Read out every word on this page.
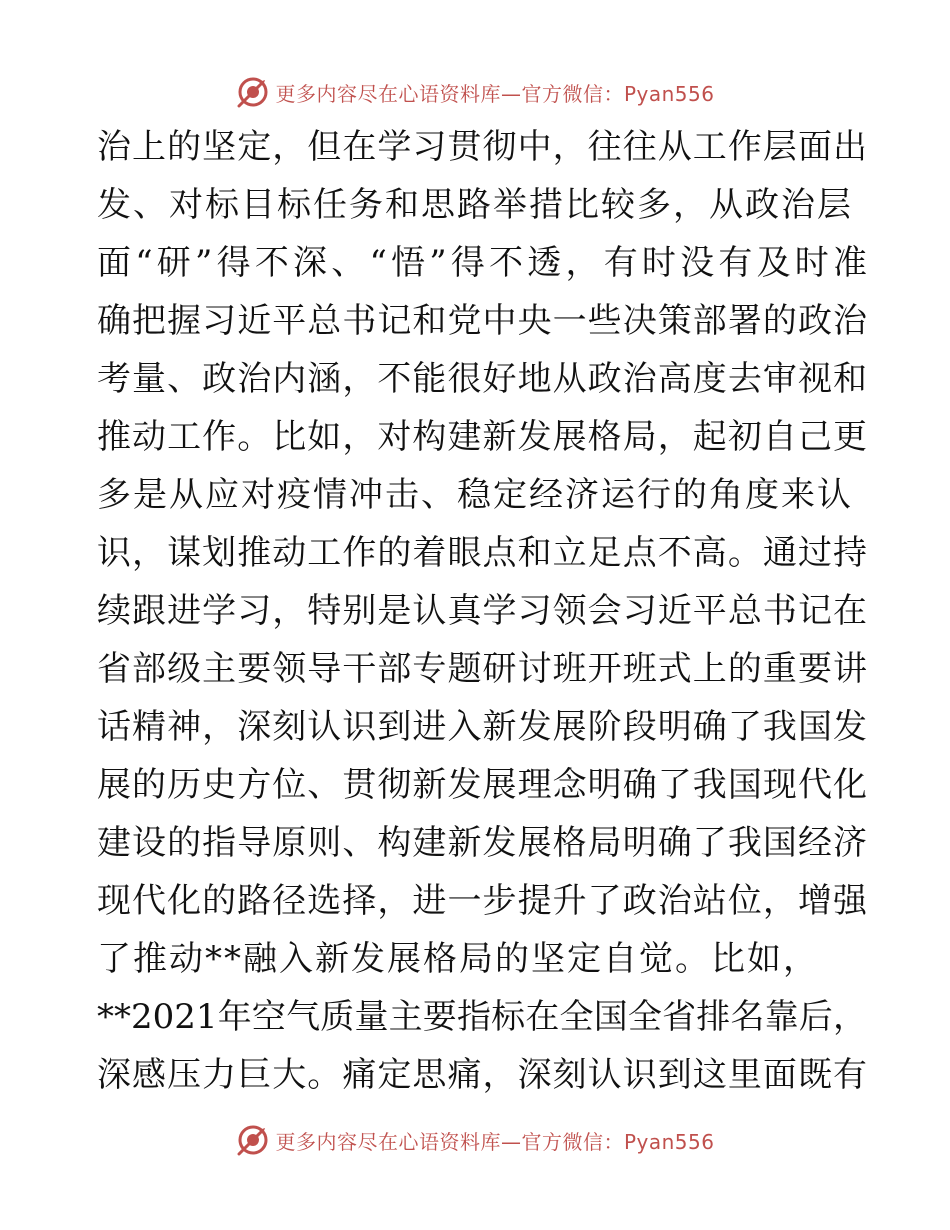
更多内容尽在心语资料库—官方微信：Pyan556
治上的坚定，但在学习贯彻中，往往从工作层面出
发、对标目标任务和思路举措比较多，从政治层
面“研”得不深、“悟”得不透，有时没有及时准
确把握习近平总书记和党中央一些决策部署的政治
考量、政治内涵，不能很好地从政治高度去审视和
推动工作。比如，对构建新发展格局，起初自己更
多是从应对疫情冲击、稳定经济运行的角度来认
识，谋划推动工作的着眼点和立足点不高。通过持
续跟进学习，特别是认真学习领会习近平总书记在
省部级主要领导干部专题研讨班开班式上的重要讲
话精神，深刻认识到进入新发展阶段明确了我国发
展的历史方位、贯彻新发展理念明确了我国现代化
建设的指导原则、构建新发展格局明确了我国经济
现代化的路径选择，进一步提升了政治站位，增强
了推动**融入新发展格局的坚定自觉。比如，
**2021年空气质量主要指标在全国全省排名靠后，
深感压力巨大。痛定思痛，深刻认识到这里面既有
更多内容尽在心语资料库—官方微信：Pyan556
